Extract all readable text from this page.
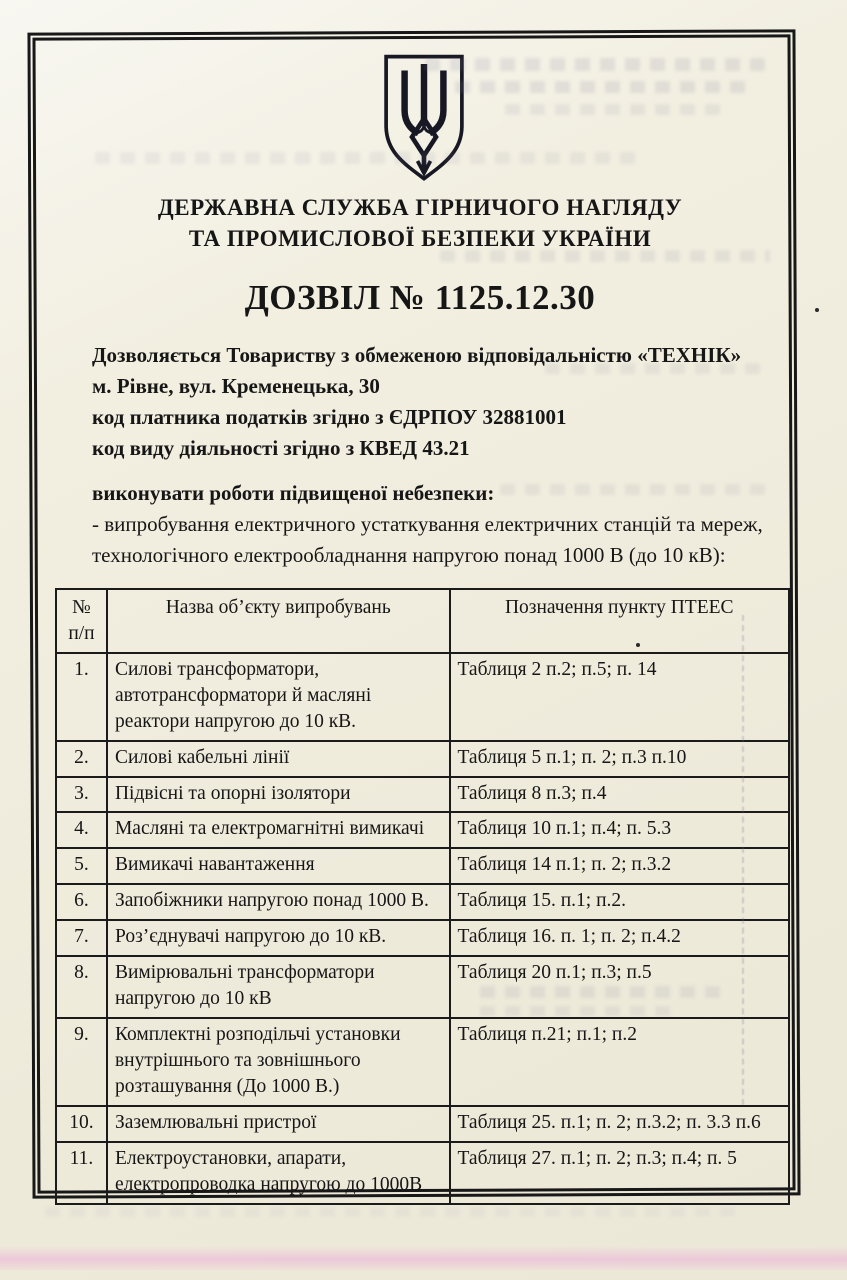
ДЕРЖАВНА СЛУЖБА ГІРНИЧОГО НАГЛЯДУ
ТА ПРОМИСЛОВОЇ БЕЗПЕКИ УКРАЇНИ
ДОЗВІЛ № 1125.12.30
Дозволяється Товариству з обмеженою відповідальністю «ТЕХНІК»
м. Рівне, вул. Кременецька, 30
код платника податків згідно з ЄДРПОУ 32881001
код виду діяльності згідно з КВЕД 43.21
виконувати роботи підвищеної небезпеки:
- випробування електричного устаткування електричних станцій та мереж,
технологічного електрообладнання напругою понад 1000 В (до 10 кВ):
№ п/п	Назва об’єкту випробувань	Позначення пункту ПТЕЕС
1.	Силові трансформатори, автотрансформатори й масляні реактори напругою до 10 кВ.	Таблиця 2 п.2; п.5; п. 14
2.	Силові кабельні лінії	Таблиця 5 п.1; п. 2; п.3 п.10
3.	Підвісні та опорні ізолятори	Таблиця 8 п.3; п.4
4.	Масляні та електромагнітні вимикачі	Таблиця 10 п.1; п.4; п. 5.3
5.	Вимикачі навантаження	Таблиця 14 п.1; п. 2; п.3.2
6.	Запобіжники напругою понад 1000 В.	Таблиця 15. п.1; п.2.
7.	Роз’єднувачі напругою до 10 кВ.	Таблиця 16. п. 1; п. 2; п.4.2
8.	Вимірювальні трансформатори напругою до 10 кВ	Таблиця 20 п.1; п.3; п.5
9.	Комплектні розподільчі установки внутрішнього та зовнішнього розташування (До 1000 В.)	Таблиця п.21; п.1; п.2
10.	Заземлювальні пристрої	Таблиця 25. п.1; п. 2; п.3.2; п. 3.3 п.6
11.	Електроустановки, апарати, електропроводка напругою до 1000В	Таблиця 27. п.1; п. 2; п.3; п.4; п. 5
